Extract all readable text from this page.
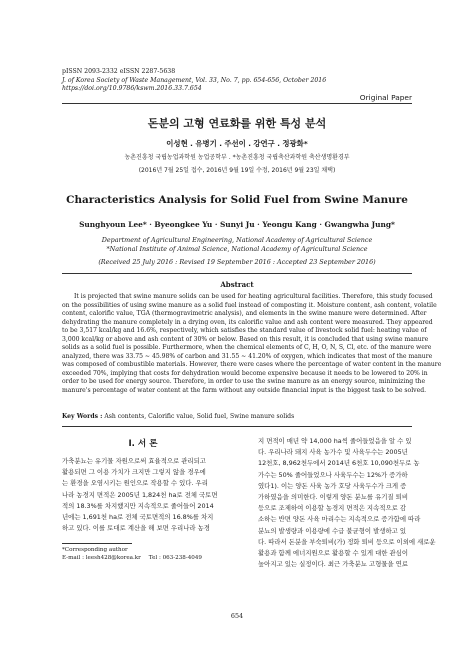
pISSN 2093-2332 eISSN 2287-5638
J. of Korea Society of Waste Management, Vol. 33, No. 7, pp. 654-656, October 2016
https://doi.org/10.9786/kswm.2016.33.7.654
Original Paper
돈분의 고형 연료화를 위한 특성 분석
이성현 ․ 유병기 ․ 주선이 ․ 강연구 ․ 정광화*
농촌진흥청 국립농업과학원 농업공학부 ․ *농촌진흥청 국립축산과학원 축산생명환경부
(2016년 7월 25일 접수, 2016년 9월 19일 수정, 2016년 9월 23일 채택)
Characteristics Analysis for Solid Fuel from Swine Manure
Sunghyoun Lee* · Byeongkee Yu · Sunyi Ju · Yeongu Kang · Gwangwha Jung*
Department of Agricultural Engineering, National Academy of Agricultural Science
*National Institute of Animal Science, National Academy of Agricultural Science
(Received 25 July 2016 : Revised 19 September 2016 : Accepted 23 September 2016)
Abstract
It is projected that swine manure solids can be used for heating agricultural facilities. Therefore, this study focused
on the possibilities of using swine manure as a solid fuel instead of composting it. Moisture content, ash content, volatile
content, calorific value, TGA (thermogravimetric analysis), and elements in the swine manure were determined. After
dehydrating the manure completely in a drying oven, its calorific value and ash content were measured. They appeared
to be 3,517 kcal/kg and 16.6%, respectively, which satisfies the standard value of livestock solid fuel: heating value of
3,000 kcal/kg or above and ash content of 30% or below. Based on this result, it is concluded that using swine manure
solids as a solid fuel is possible. Furthermore, when the chemical elements of C, H, O, N, S, Cl, etc. of the manure were
analyzed, there was 33.75 ~ 45.98% of carbon and 31.55 ~ 41.20% of oxygen, which indicates that most of the manure
was composed of combustible materials. However, there were cases where the percentage of water content in the manure
exceeded 70%, implying that costs for dehydration would become expensive because it needs to be lowered to 20% in
order to be used for energy source. Therefore, in order to use the swine manure as an energy source, minimizing the
manure's percentage of water content at the farm without any outside financial input is the biggest task to be solved.
Key Words : Ash contents, Calorific value, Solid fuel, Swine manure solids
I. 서 론
가축분뇨는 유기물 자원으로써 효율적으로 관리되고
활용되면 그 이용 가치가 크지만 그렇지 않을 경우에
는 환경을 오염시키는 원인으로 작용할 수 있다. 우리
나라 농경지 면적은 2005년 1,824천 ha로 전체 국토면
적의 18.3%를 차지했지만 지속적으로 줄어들어 2014
년에는 1,691천 ha로 전체 국토면적의 16.8%를 차지
하고 있다. 이를 토대로 계산을 해 보면 우리나라 농경
지 면적이 매년 약 14,000 ha씩 줄어들었음을 알 수 있
다. 우리나라 돼지 사육 농가수 및 사육두수는 2005년
12천호, 8,962천두에서 2014년 6천호 10,090천두로 농
가수는 50% 줄어들었으나 사육두수는 12%가 증가하
였다1). 이는 양돈 사육 농가 호당 사육두수가 크게 증
가하였음을 의미한다. 이렇게 양돈 분뇨를 유기질 퇴비
등으로 조제하여 이용할 농경지 면적은 지속적으로 감
소하는 반면 양돈 사육 마리수는 지속적으로 증가함에 따라
분뇨의 발생량과 이용량에 수급 불균형이 발생하고 있
다. 따라서 돈분을 부숙퇴비(가) 정화 퇴비 등으로 이외에 새로운
활용과 함께 에너지원으로 활용할 수 있게 대한 관심이
높아지고 있는 실정이다. 최근 가축분뇨 고형물을 연료
*Corresponding author
E-mail : leesh428@korea.kr Tel : 063-238-4049
654
